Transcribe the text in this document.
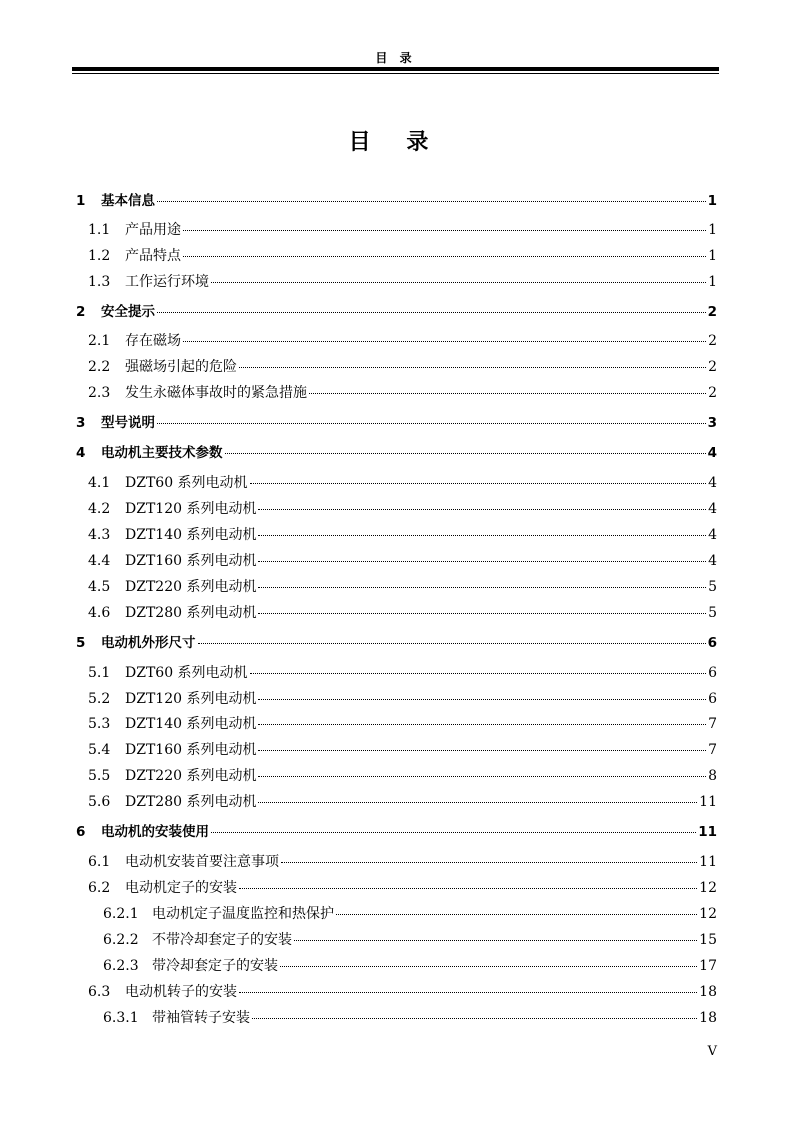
目 录
目 录
1	基本信息	1
1.1	产品用途	1
1.2	产品特点	1
1.3	工作运行环境	1
2	安全提示	2
2.1	存在磁场	2
2.2	强磁场引起的危险	2
2.3	发生永磁体事故时的紧急措施	2
3	型号说明	3
4	电动机主要技术参数	4
4.1	DZT60 系列电动机	4
4.2	DZT120 系列电动机	4
4.3	DZT140 系列电动机	4
4.4	DZT160 系列电动机	4
4.5	DZT220 系列电动机	5
4.6	DZT280 系列电动机	5
5	电动机外形尺寸	6
5.1	DZT60 系列电动机	6
5.2	DZT120 系列电动机	6
5.3	DZT140 系列电动机	7
5.4	DZT160 系列电动机	7
5.5	DZT220 系列电动机	8
5.6	DZT280 系列电动机	11
6	电动机的安装使用	11
6.1	电动机安装首要注意事项	11
6.2	电动机定子的安装	12
6.2.1 电动机定子温度监控和热保护	12
6.2.2 不带冷却套定子的安装	15
6.2.3 带冷却套定子的安装	17
6.3	电动机转子的安装	18
6.3.1 带袖管转子安装	18
V
